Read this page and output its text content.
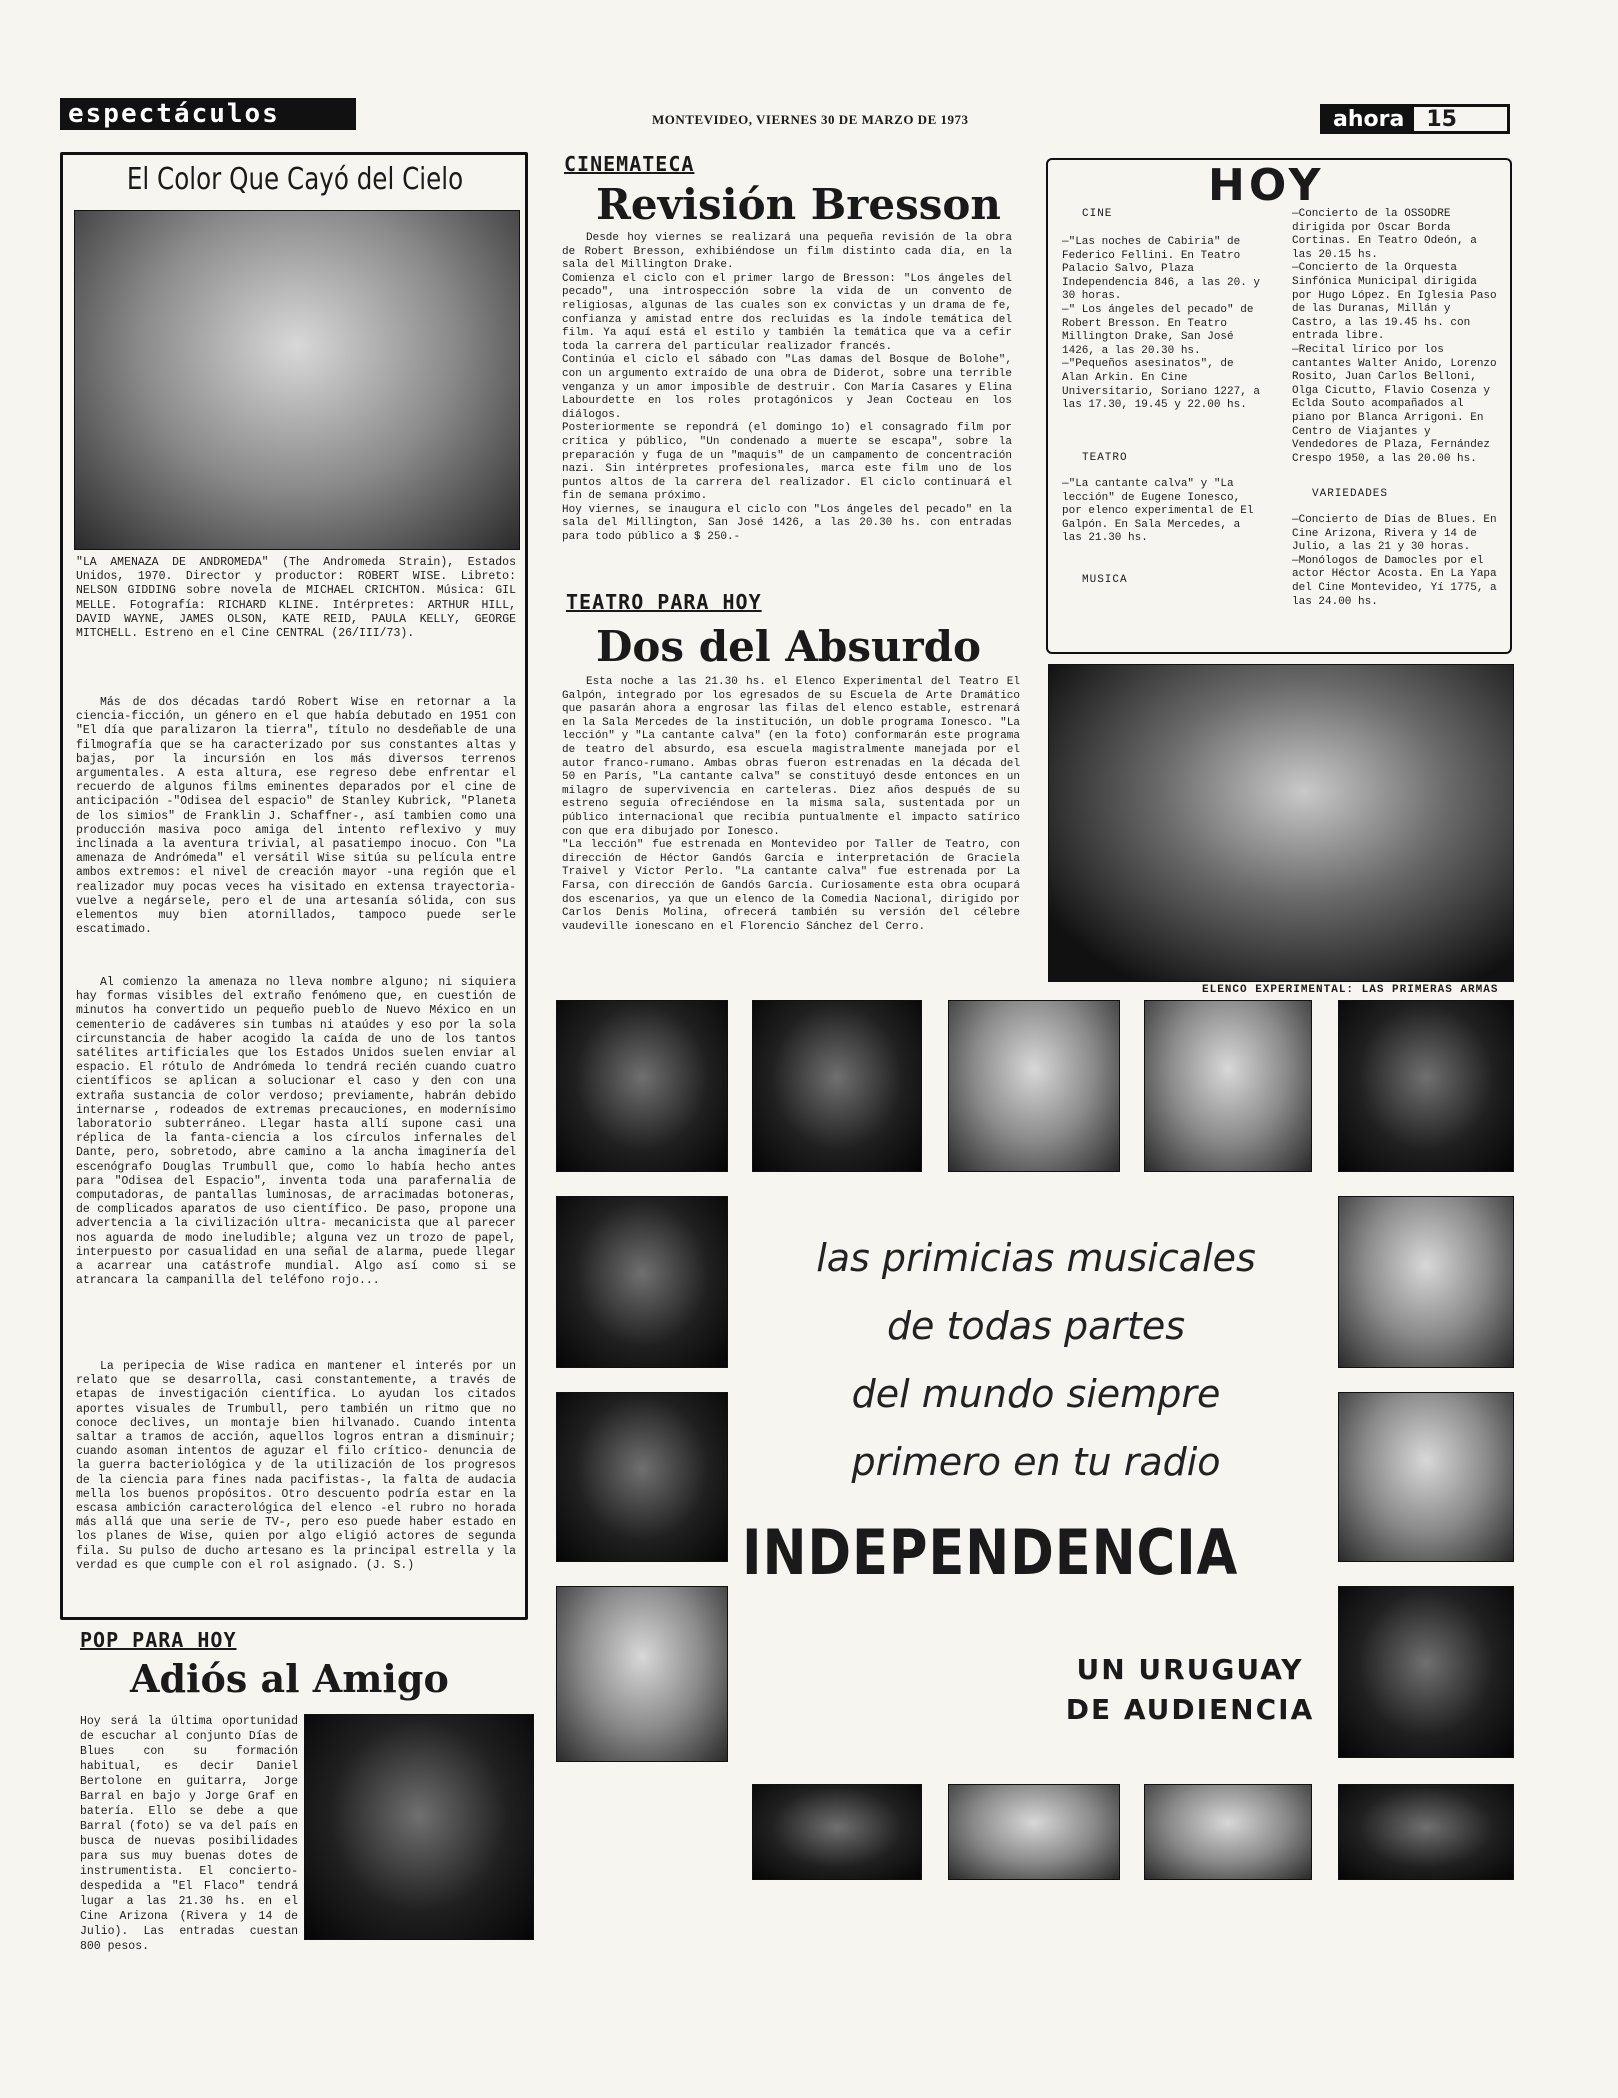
espectáculos	MONTEVIDEO, VIERNES 30 DE MARZO DE 1973	ahora	15
El Color Que Cayó del Cielo
"LA AMENAZA DE ANDROMEDA" (The Andromeda Strain), Estados Unidos, 1970. Director y productor: ROBERT WISE. Libreto: NELSON GIDDING sobre novela de MICHAEL CRICHTON. Música: GIL MELLE. Fotografía: RICHARD KLINE. Intérpretes: ARTHUR HILL, DAVID WAYNE, JAMES OLSON, KATE REID, PAULA KELLY, GEORGE MITCHELL. Estreno en el Cine CENTRAL (26/III/73).
Más de dos décadas tardó Robert Wise en retornar a la ciencia-ficción, un género en el que había debutado en 1951 con "El día que paralizaron la tierra", título no desdeñable de una filmografía que se ha caracterizado por sus constantes altas y bajas, por la incursión en los más diversos terrenos argumentales. A esta altura, ese regreso debe enfrentar el recuerdo de algunos films eminentes deparados por el cine de anticipación -"Odisea del espacio" de Stanley Kubrick, "Planeta de los simios" de Franklin J. Schaffner-, así tambien como una producción masiva poco amiga del intento reflexivo y muy inclinada a la aventura trivial, al pasatiempo inocuo. Con "La amenaza de Andrómeda" el versátil Wise sitúa su película entre ambos extremos: el nivel de creación mayor -una región que el realizador muy pocas veces ha visitado en extensa trayectoria- vuelve a negársele, pero el de una artesanía sólida, con sus elementos muy bien atornillados, tampoco puede serle escatimado.
Al comienzo la amenaza no lleva nombre alguno; ni siquiera hay formas visibles del extraño fenómeno que, en cuestión de minutos ha convertido un pequeño pueblo de Nuevo México en un cementerio de cadáveres sin tumbas ni ataúdes y eso por la sola circunstancia de haber acogido la caída de uno de los tantos satélites artificiales que los Estados Unidos suelen enviar al espacio. El rótulo de Andrómeda lo tendrá recién cuando cuatro científicos se aplican a solucionar el caso y den con una extraña sustancia de color verdoso; previamente, habrán debido internarse , rodeados de extremas precauciones, en modernísimo laboratorio subterráneo. Llegar hasta allí supone casi una réplica de la fanta-ciencia a los círculos infernales del Dante, pero, sobretodo, abre camino a la ancha imaginería del escenógrafo Douglas Trumbull que, como lo había hecho antes para "Odisea del Espacio", inventa toda una parafernalia de computadoras, de pantallas luminosas, de arracimadas botoneras, de complicados aparatos de uso científico. De paso, propone una advertencia a la civilización ultra- mecanicista que al parecer nos aguarda de modo ineludible; alguna vez un trozo de papel, interpuesto por casualidad en una señal de alarma, puede llegar a acarrear una catástrofe mundial. Algo así como si se atrancara la campanilla del teléfono rojo...
La peripecia de Wise radica en mantener el interés por un relato que se desarrolla, casi constantemente, a través de etapas de investigación científica. Lo ayudan los citados aportes visuales de Trumbull, pero también un ritmo que no conoce declives, un montaje bien hilvanado. Cuando intenta saltar a tramos de acción, aquellos logros entran a disminuir; cuando asoman intentos de aguzar el filo crítico- denuncia de la guerra bacteriológica y de la utilización de los progresos de la ciencia para fines nada pacifistas-, la falta de audacia mella los buenos propósitos. Otro descuento podría estar en la escasa ambición caracterológica del elenco -el rubro no horada más allá que una serie de TV-, pero eso puede haber estado en los planes de Wise, quien por algo eligió actores de segunda fila. Su pulso de ducho artesano es la principal estrella y la verdad es que cumple con el rol asignado. (J. S.)
POP PARA HOY
Adiós al Amigo
Hoy será la última oportunidad de escuchar al conjunto Días de Blues con su formación habitual, es decir Daniel Bertolone en guitarra, Jorge Barral en bajo y Jorge Graf en batería. Ello se debe a que Barral (foto) se va del país en busca de nuevas posibilidades para sus muy buenas dotes de instrumentista. El concierto-despedida a "El Flaco" tendrá lugar a las 21.30 hs. en el Cine Arizona (Rivera y 14 de Julio). Las entradas cuestan 800 pesos.
CINEMATECA
Revisión Bresson
Desde hoy viernes se realizará una pequeña revisión de la obra de Robert Bresson, exhibiéndose un film distinto cada día, en la sala del Millington Drake.
Comienza el ciclo con el primer largo de Bresson: "Los ángeles del pecado", una introspección sobre la vida de un convento de religiosas, algunas de las cuales son ex convictas y un drama de fe, confianza y amistad entre dos recluidas es la índole temática del film. Ya aquí está el estilo y también la temática que va a cefir toda la carrera del particular realizador francés.
Continúa el ciclo el sábado con "Las damas del Bosque de Bolohe", con un argumento extraído de una obra de Diderot, sobre una terrible venganza y un amor imposible de destruir. Con María Casares y Elina Labourdette en los roles protagónicos y Jean Cocteau en los diálogos.
Posteriormente se repondrá (el domingo 1o) el consagrado film por crítica y público, "Un condenado a muerte se escapa", sobre la preparación y fuga de un "maquis" de un campamento de concentración nazi. Sin intérpretes profesionales, marca este film uno de los puntos altos de la carrera del realizador. El ciclo continuará el fin de semana próximo.
Hoy viernes, se inaugura el ciclo con "Los ángeles del pecado" en la sala del Millington, San José 1426, a las 20.30 hs. con entradas para todo público a $ 250.-
TEATRO PARA HOY
Dos del Absurdo
Esta noche a las 21.30 hs. el Elenco Experimental del Teatro El Galpón, integrado por los egresados de su Escuela de Arte Dramático que pasarán ahora a engrosar las filas del elenco estable, estrenará en la Sala Mercedes de la institución, un doble programa Ionesco. "La lección" y "La cantante calva" (en la foto) conformarán este programa de teatro del absurdo, esa escuela magistralmente manejada por el autor franco-rumano. Ambas obras fueron estrenadas en la década del 50 en París, "La cantante calva" se constituyó desde entonces en un milagro de supervivencia en carteleras. Diez años después de su estreno seguía ofreciéndose en la misma sala, sustentada por un público internacional que recibía puntualmente el impacto satírico con que era dibujado por Ionesco.
"La lección" fue estrenada en Montevideo por Taller de Teatro, con dirección de Héctor Gandós García e interpretación de Graciela Traivel y Víctor Perlo. "La cantante calva" fue estrenada por La Farsa, con dirección de Gandós García. Curiosamente esta obra ocupará dos escenarios, ya que un elenco de la Comedia Nacional, dirigido por Carlos Denis Molina, ofrecerá también su versión del célebre vaudeville ionescano en el Florencio Sánchez del Cerro.
HOY
CINE
—"Las noches de Cabiria" de Federico Fellini. En Teatro Palacio Salvo, Plaza Independencia 846, a las 20. y 30 horas.
—" Los ángeles del pecado" de Robert Bresson. En Teatro Millington Drake, San José 1426, a las 20.30 hs.
—"Pequeños asesinatos", de Alan Arkin. En Cine Universitario, Soriano 1227, a las 17.30, 19.45 y 22.00 hs.
TEATRO
—"La cantante calva" y "La lección" de Eugene Ionesco, por elenco experimental de El Galpón. En Sala Mercedes, a las 21.30 hs.
MUSICA
—Concierto de la OSSODRE dirigida por Oscar Borda Cortinas. En Teatro Odeón, a las 20.15 hs.
—Concierto de la Orquesta Sinfónica Municipal dirigida por Hugo López. En Iglesia Paso de las Duranas, Millán y Castro, a las 19.45 hs. con entrada libre.
—Recital lírico por los cantantes Walter Anido, Lorenzo Rosito, Juan Carlos Belloni, Olga Cicutto, Flavio Cosenza y Eclda Souto acompañados al piano por Blanca Arrigoni. En Centro de Viajantes y Vendedores de Plaza, Fernández Crespo 1950, a las 20.00 hs.
VARIEDADES
—Concierto de Días de Blues. En Cine Arizona, Rivera y 14 de Julio, a las 21 y 30 horas.
—Monólogos de Damocles por el actor Héctor Acosta. En La Yapa del Cine Montevideo, Yí 1775, a las 24.00 hs.
ELENCO EXPERIMENTAL: LAS PRIMERAS ARMAS
las primicias musicales
de todas partes
del mundo siempre
primero en tu radio
INDEPENDENCIA
UN URUGUAY
DE AUDIENCIA
